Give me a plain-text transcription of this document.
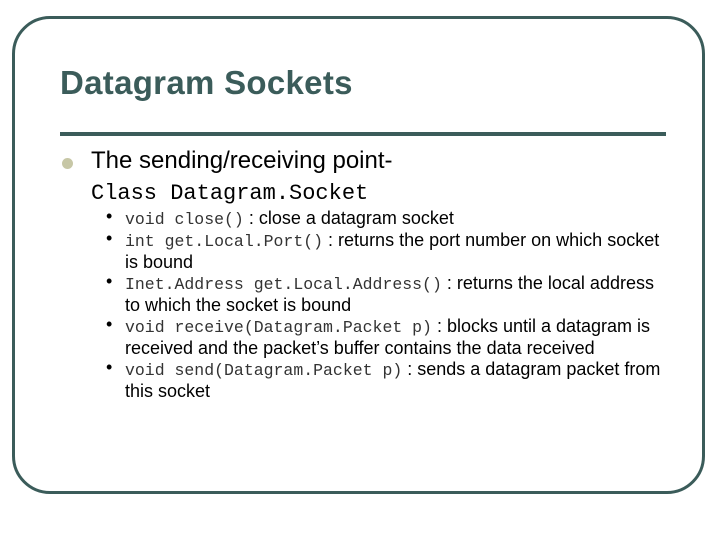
Datagram Sockets
The sending/receiving point-
Class Datagram.Socket
• void close() : close a datagram socket
• int get.Local.Port() : returns the port number on which socket is bound
• Inet.Address get.Local.Address() : returns the local address to which the socket is bound
• void receive(Datagram.Packet p) : blocks until a datagram is received and the packet’s buffer contains the data received
• void send(Datagram.Packet p) : sends a datagram packet from this socket
